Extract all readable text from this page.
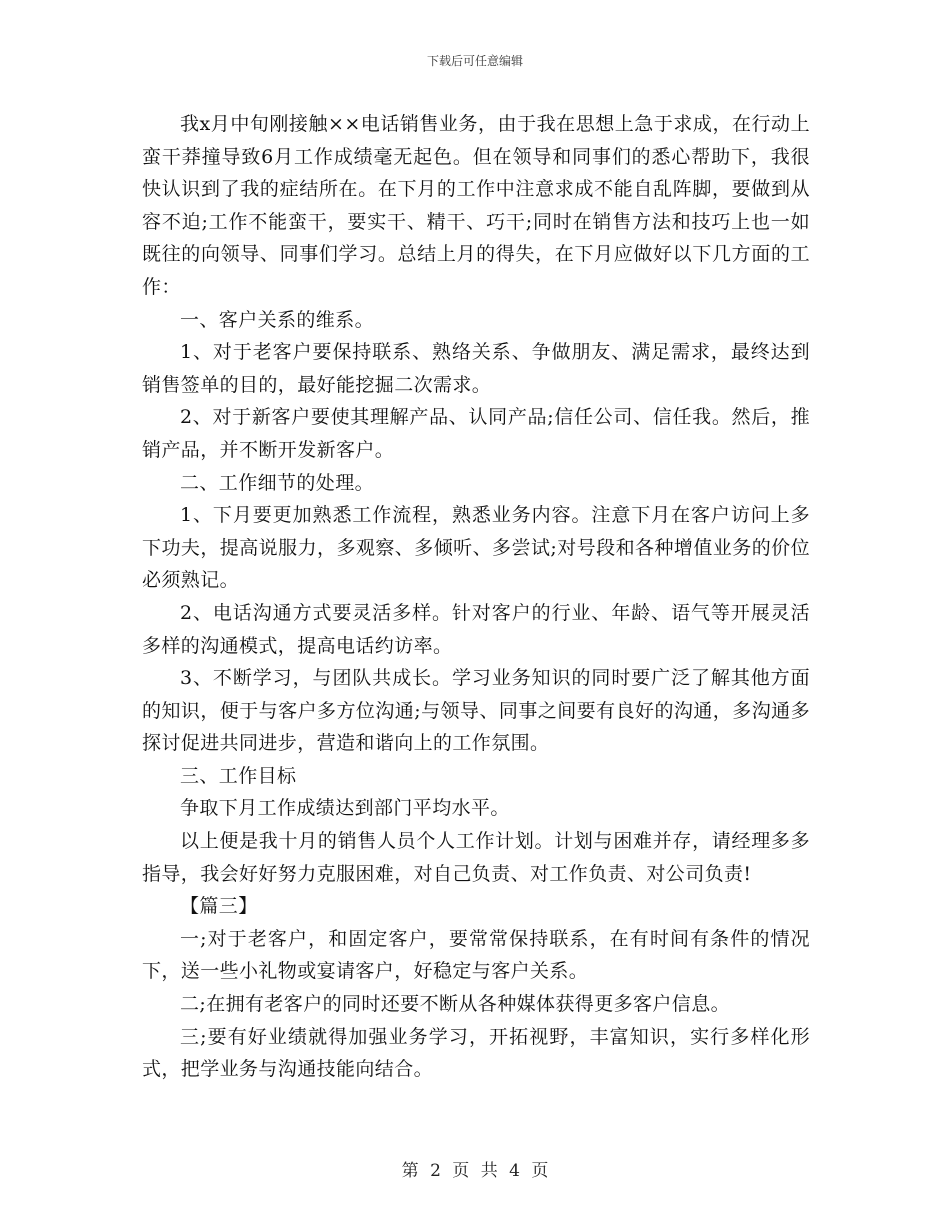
下载后可任意编辑

我x月中旬刚接触××电话销售业务，由于我在思想上急于求成，在行动上蛮干莽撞导致6月工作成绩毫无起色。但在领导和同事们的悉心帮助下，我很快认识到了我的症结所在。在下月的工作中注意求成不能自乱阵脚，要做到从容不迫;工作不能蛮干，要实干、精干、巧干;同时在销售方法和技巧上也一如既往的向领导、同事们学习。总结上月的得失，在下月应做好以下几方面的工作：

一、客户关系的维系。

1、对于老客户要保持联系、熟络关系、争做朋友、满足需求，最终达到销售签单的目的，最好能挖掘二次需求。

2、对于新客户要使其理解产品、认同产品;信任公司、信任我。然后，推销产品，并不断开发新客户。

二、工作细节的处理。

1、下月要更加熟悉工作流程，熟悉业务内容。注意下月在客户访问上多下功夫，提高说服力，多观察、多倾听、多尝试;对号段和各种增值业务的价位必须熟记。

2、电话沟通方式要灵活多样。针对客户的行业、年龄、语气等开展灵活多样的沟通模式，提高电话约访率。

3、不断学习，与团队共成长。学习业务知识的同时要广泛了解其他方面的知识，便于与客户多方位沟通;与领导、同事之间要有良好的沟通，多沟通多探讨促进共同进步，营造和谐向上的工作氛围。

三、工作目标

争取下月工作成绩达到部门平均水平。

以上便是我十月的销售人员个人工作计划。计划与困难并存，请经理多多指导，我会好好努力克服困难，对自己负责、对工作负责、对公司负责!

【篇三】

一;对于老客户，和固定客户，要常常保持联系，在有时间有条件的情况下，送一些小礼物或宴请客户，好稳定与客户关系。

二;在拥有老客户的同时还要不断从各种媒体获得更多客户信息。

三;要有好业绩就得加强业务学习，开拓视野，丰富知识，实行多样化形式，把学业务与沟通技能向结合。

第 2 页 共 4 页
